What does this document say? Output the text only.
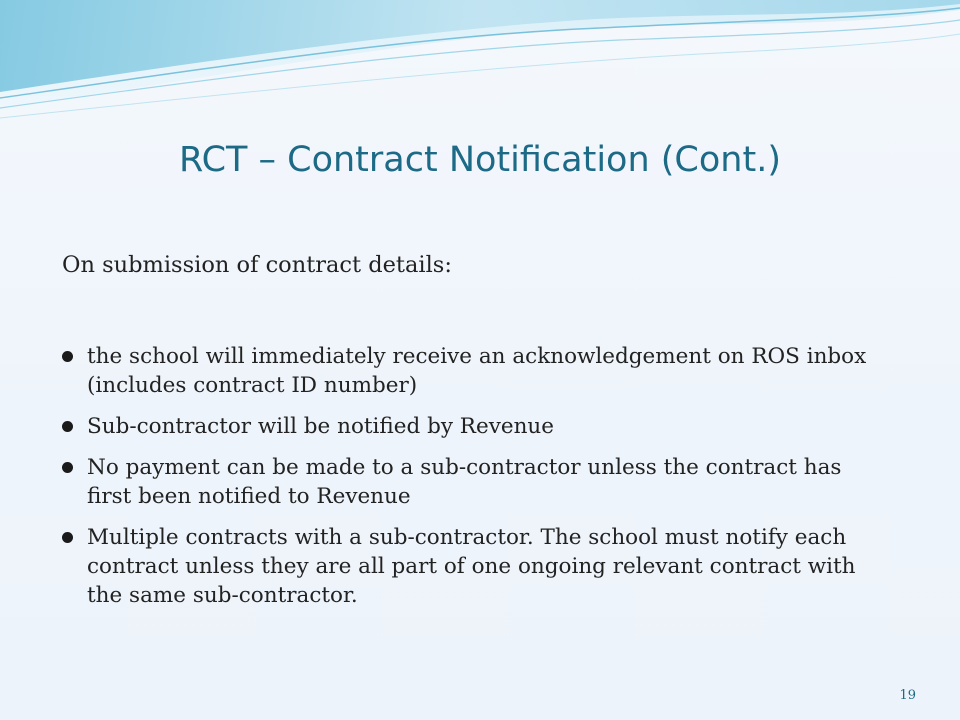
RCT – Contract Notification (Cont.)

On submission of contract details:

the school will immediately receive an acknowledgement on ROS inbox (includes contract ID number)
Sub-contractor will be notified by Revenue
No payment can be made to a sub-contractor unless the contract has first been notified to Revenue
Multiple contracts with a sub-contractor. The school must notify each contract unless they are all part of one ongoing relevant contract with the same sub-contractor.
19
